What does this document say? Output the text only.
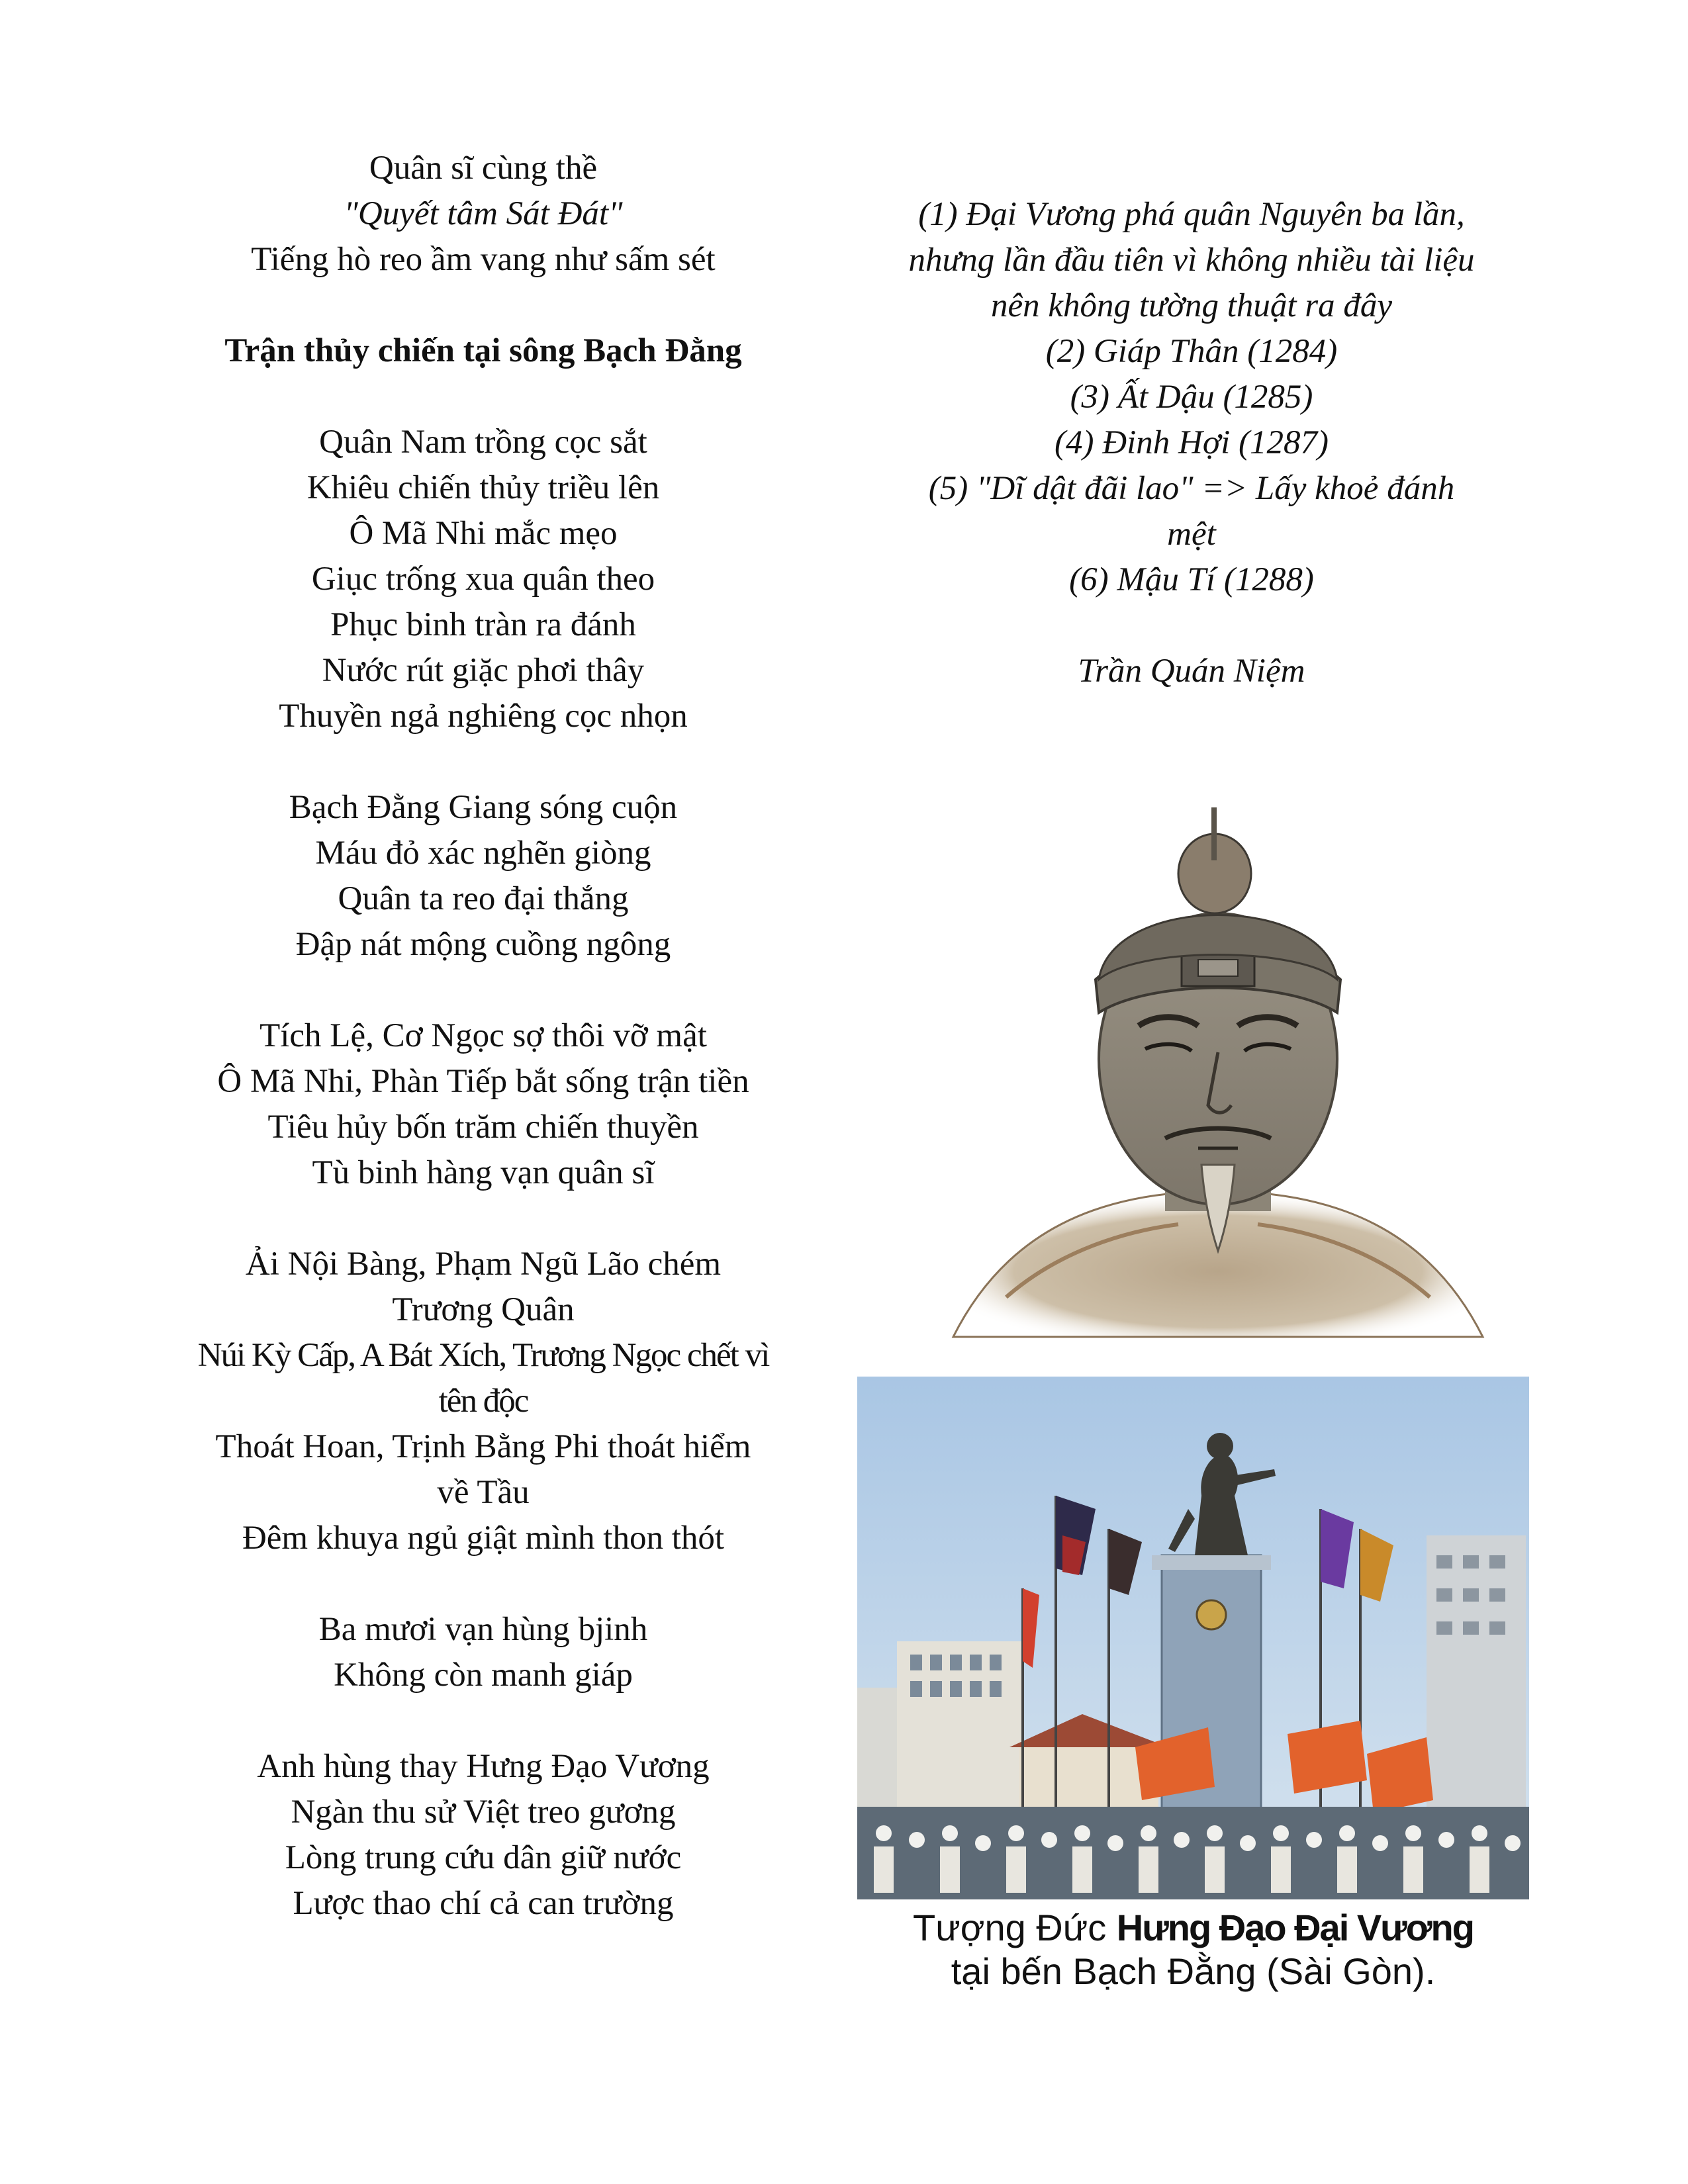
Quân sĩ cùng thề

"Quyết tâm Sát Đát"

Tiếng hò reo ầm vang như sấm sét

Trận thủy chiến tại sông Bạch Đằng

Quân Nam trồng cọc sắt

Khiêu chiến thủy triều lên

Ô Mã Nhi mắc mẹo

Giục trống xua quân theo

Phục binh tràn ra đánh

Nước rút giặc phơi thây

Thuyền ngả nghiêng cọc nhọn

Bạch Đằng Giang sóng cuộn

Máu đỏ xác nghẽn giòng

Quân ta reo đại thắng

Đập nát mộng cuồng ngông

Tích Lệ, Cơ Ngọc sợ thôi vỡ mật

Ô Mã Nhi, Phàn Tiếp bắt sống trận tiền

Tiêu hủy bốn trăm chiến thuyền

Tù binh hàng vạn quân sĩ

Ải Nội Bàng, Phạm Ngũ Lão chém

Trương Quân

Núi Kỳ Cấp, A Bát Xích, Trương Ngọc chết vì

tên độc

Thoát Hoan, Trịnh Bằng Phi thoát hiểm

về Tầu

Đêm khuya ngủ giật mình thon thót

Ba mươi vạn hùng bjinh

Không còn manh giáp

Anh hùng thay Hưng Đạo Vương

Ngàn thu sử Việt treo gương

Lòng trung cứu dân giữ nước

Lược thao chí cả can trường

(1) Đại Vương phá quân Nguyên ba lần,

nhưng lần đầu tiên vì không nhiều tài liệu

nên không tường thuật ra đây

(2) Giáp Thân (1284)

(3) Ất Dậu (1285)

(4) Đinh Hợi (1287)

(5) "Dĩ dật đãi lao" => Lấy khoẻ đánh

mệt

(6) Mậu Tí (1288)

Trần Quán Niệm

Tượng Đức Hưng Đạo Đại Vương

tại bến Bạch Đằng (Sài Gòn).
